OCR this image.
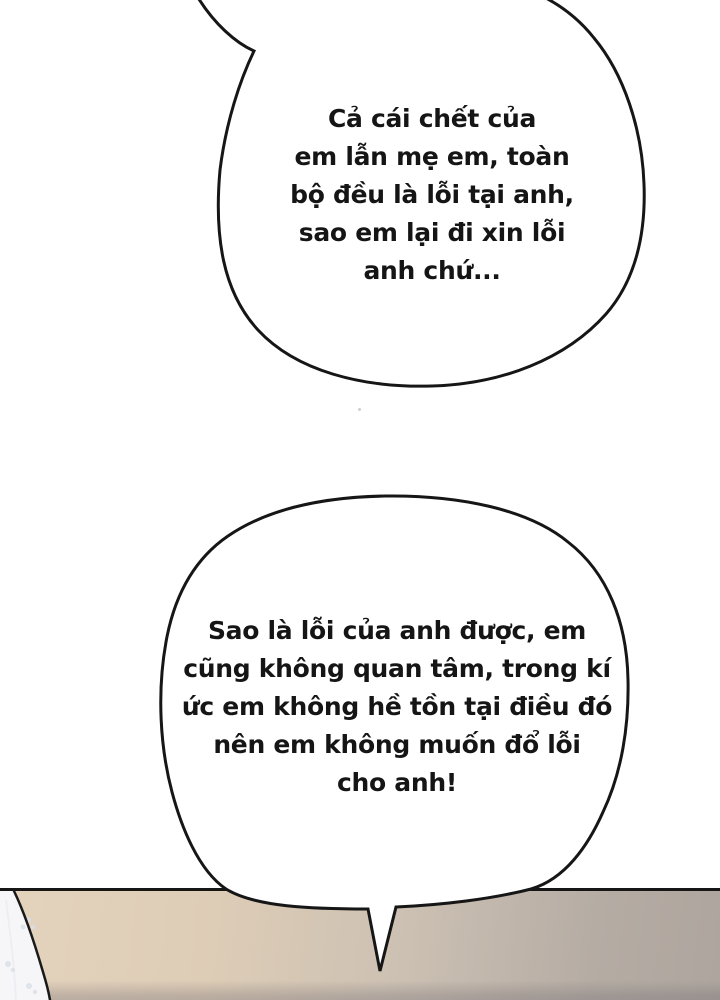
Cả cái chết của
em lẫn mẹ em, toàn
bộ đều là lỗi tại anh,
sao em lại đi xin lỗi
anh chứ...
Sao là lỗi của anh được, em
cũng không quan tâm, trong kí
ức em không hề tồn tại điều đó
nên em không muốn đổ lỗi
cho anh!
